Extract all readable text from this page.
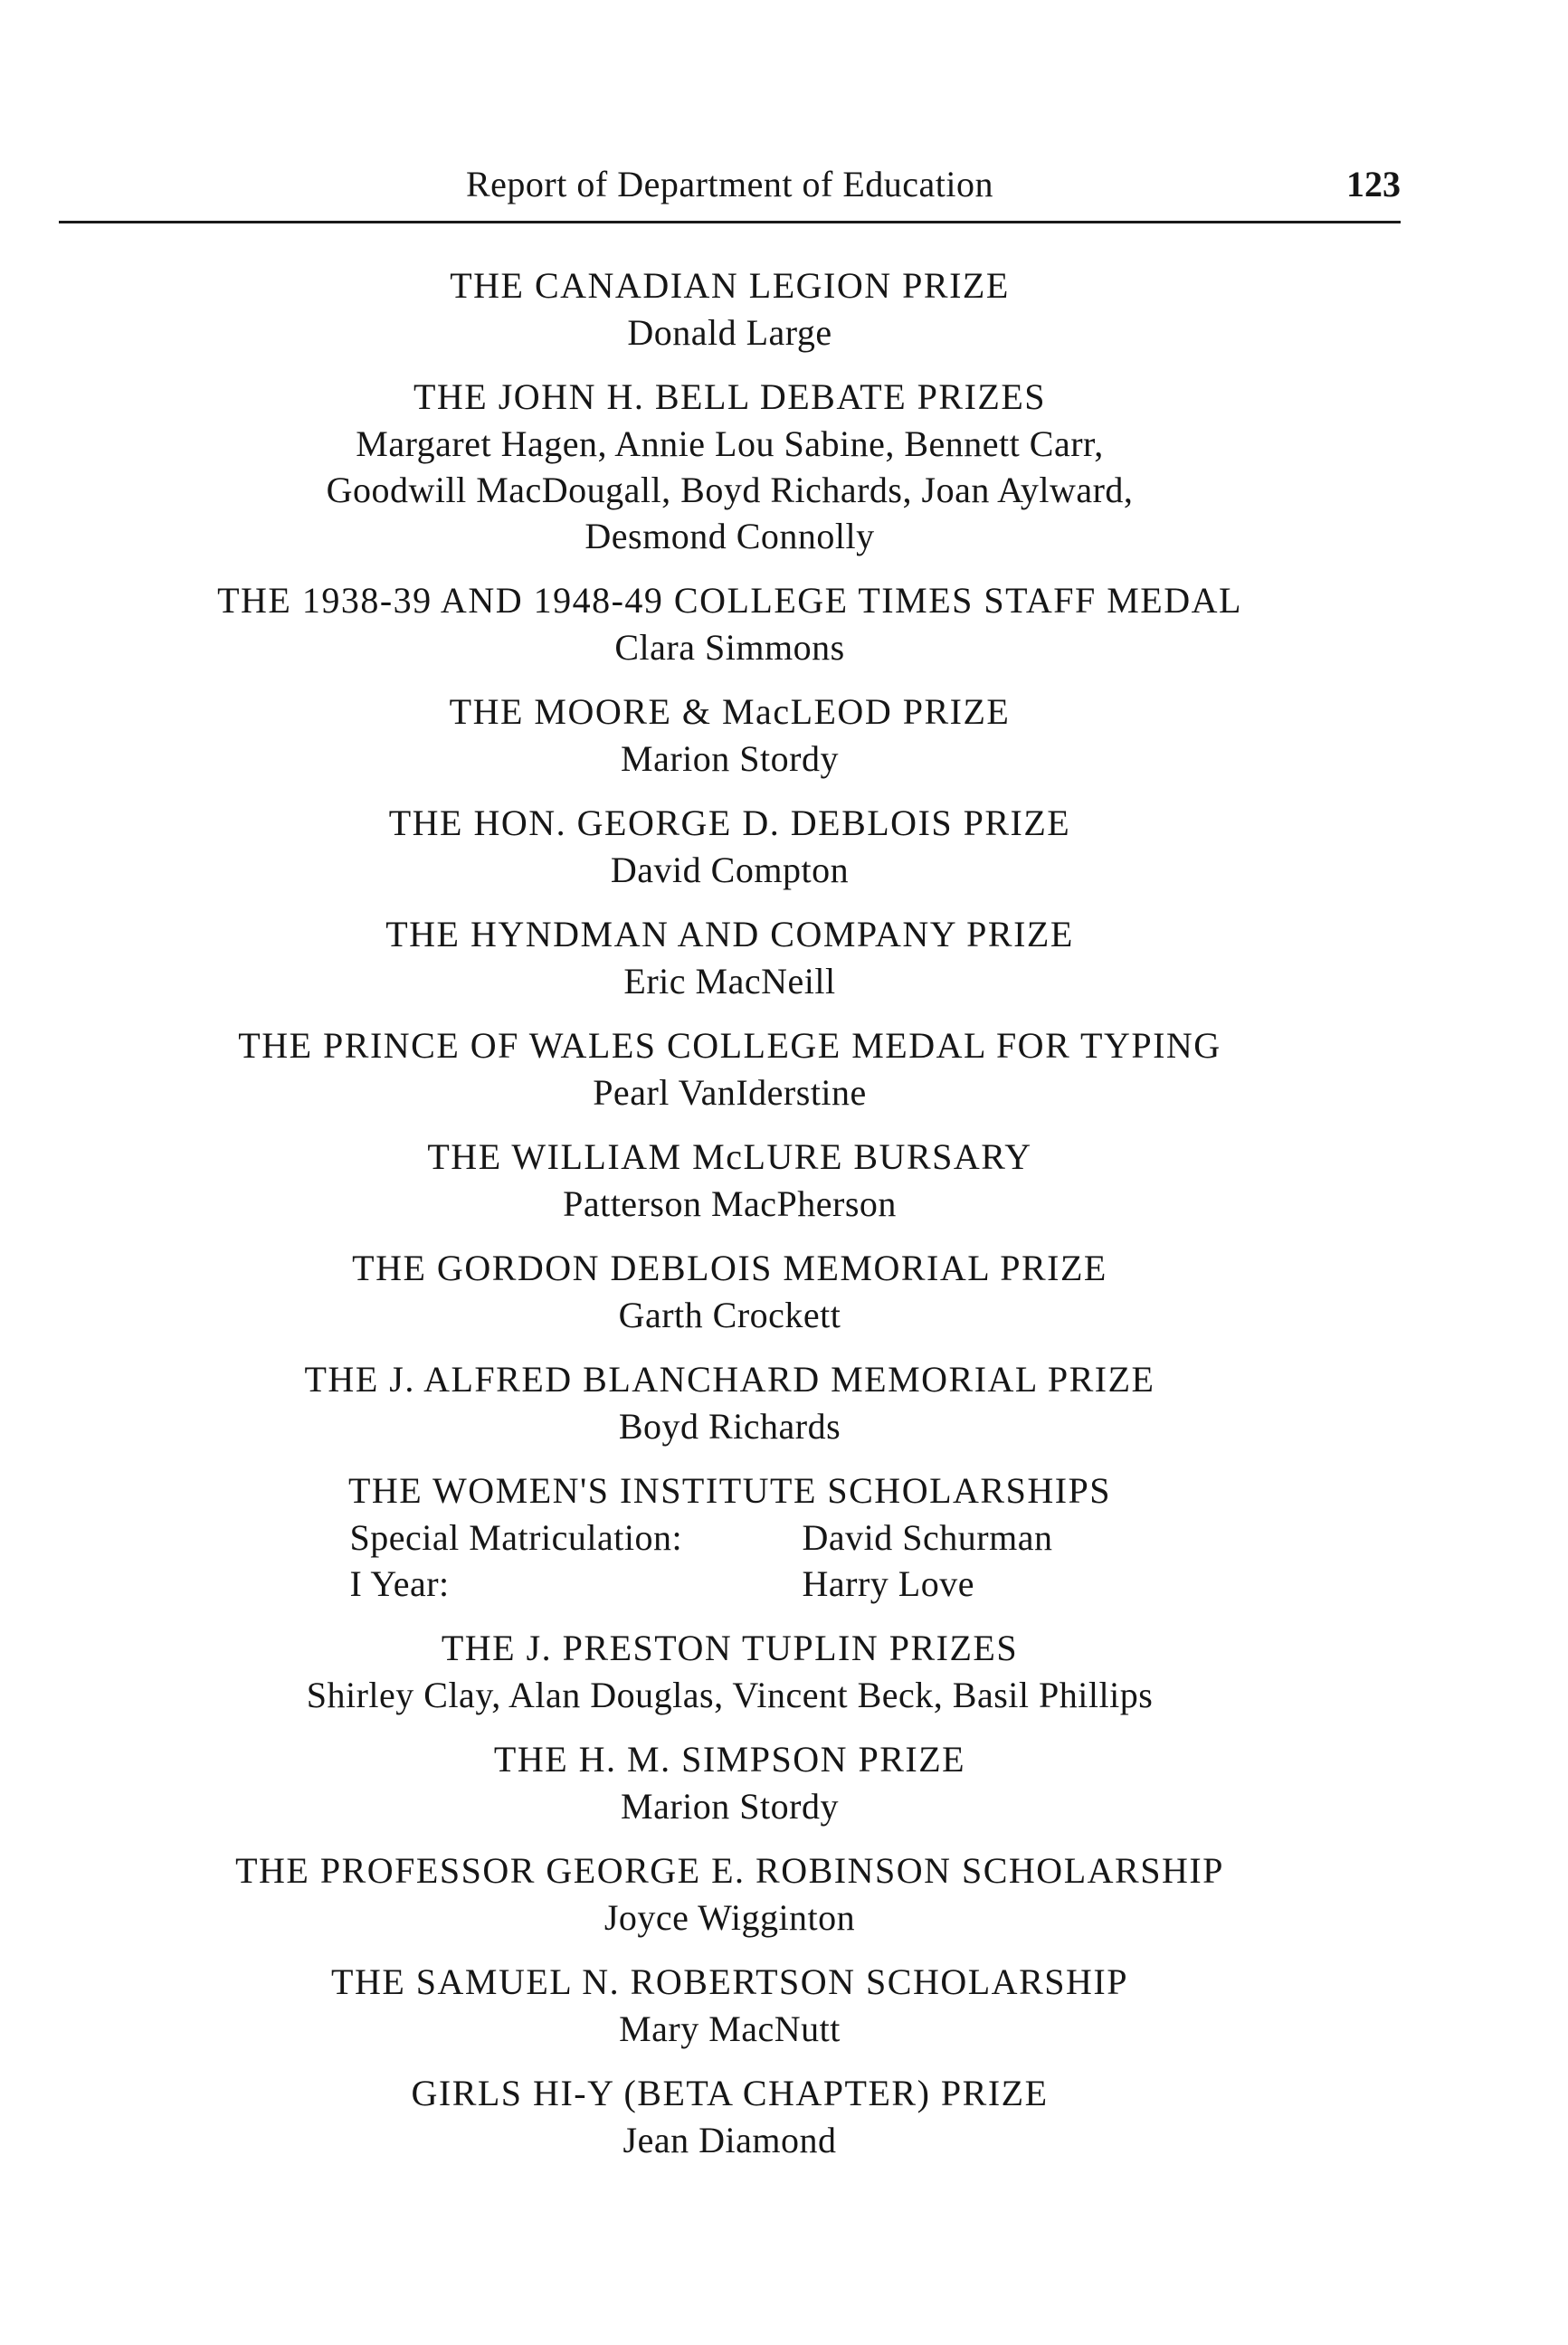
Report of Department of Education	123
THE CANADIAN LEGION PRIZE
Donald Large
THE JOHN H. BELL DEBATE PRIZES
Margaret Hagen, Annie Lou Sabine, Bennett Carr,
Goodwill MacDougall, Boyd Richards, Joan Aylward,
Desmond Connolly
THE 1938-39 AND 1948-49 COLLEGE TIMES STAFF MEDAL
Clara Simmons
THE MOORE & MacLEOD PRIZE
Marion Stordy
THE HON. GEORGE D. DEBLOIS PRIZE
David Compton
THE HYNDMAN AND COMPANY PRIZE
Eric MacNeill
THE PRINCE OF WALES COLLEGE MEDAL FOR TYPING
Pearl VanIderstine
THE WILLIAM McLURE BURSARY
Patterson MacPherson
THE GORDON DEBLOIS MEMORIAL PRIZE
Garth Crockett
THE J. ALFRED BLANCHARD MEMORIAL PRIZE
Boyd Richards
THE WOMEN'S INSTITUTE SCHOLARSHIPS
Special Matriculation:	David Schurman
I Year:	Harry Love
THE J. PRESTON TUPLIN PRIZES
Shirley Clay, Alan Douglas, Vincent Beck, Basil Phillips
THE H. M. SIMPSON PRIZE
Marion Stordy
THE PROFESSOR GEORGE E. ROBINSON SCHOLARSHIP
Joyce Wigginton
THE SAMUEL N. ROBERTSON SCHOLARSHIP
Mary MacNutt
GIRLS HI-Y (BETA CHAPTER) PRIZE
Jean Diamond
